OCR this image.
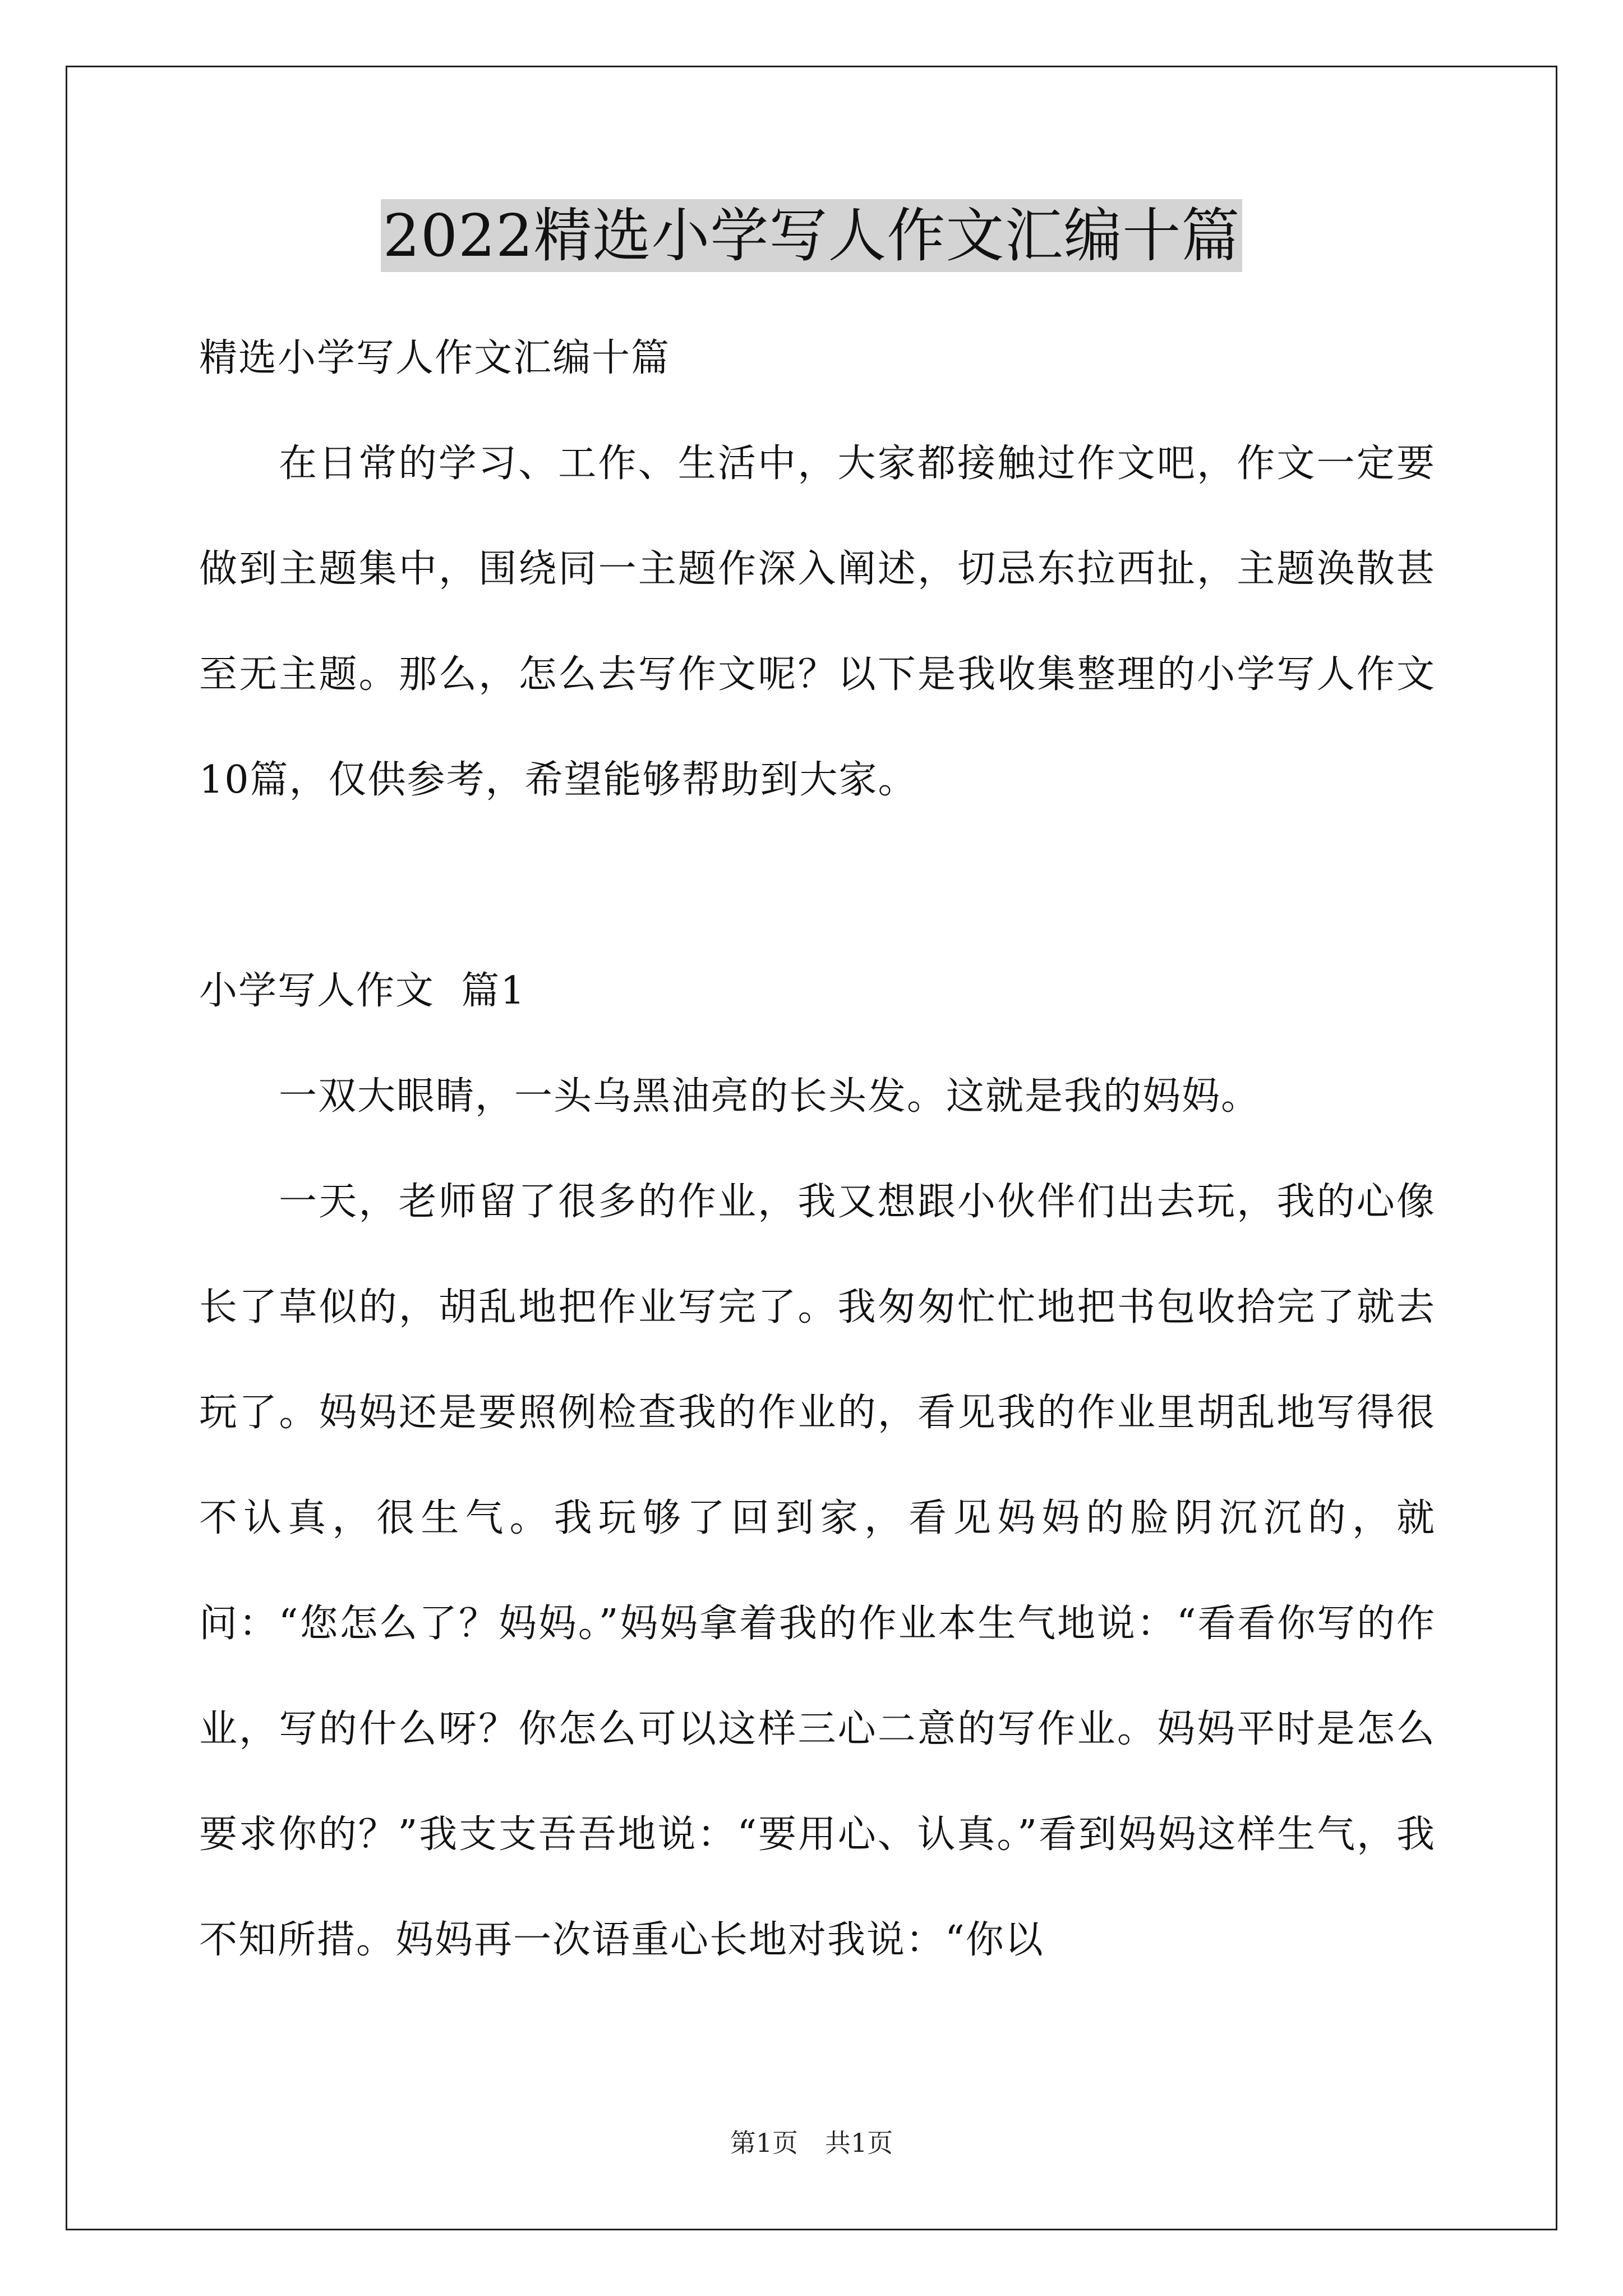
2022精选小学写人作文汇编十篇

精选小学写人作文汇编十篇

在日常的学习、工作、生活中，大家都接触过作文吧，作文一定要做到主题集中，围绕同一主题作深入阐述，切忌东拉西扯，主题涣散甚至无主题。那么，怎么去写作文呢？以下是我收集整理的小学写人作文10篇，仅供参考，希望能够帮助到大家。

小学写人作文  篇1

一双大眼睛，一头乌黑油亮的长头发。这就是我的妈妈。

一天，老师留了很多的作业，我又想跟小伙伴们出去玩，我的心像长了草似的，胡乱地把作业写完了。我匆匆忙忙地把书包收拾完了就去玩了。妈妈还是要照例检查我的作业的，看见我的作业里胡乱地写得很不认真，很生气。我玩够了回到家，看见妈妈的脸阴沉沉的，就问：“您怎么了？妈妈。”妈妈拿着我的作业本生气地说：“看看你写的作业，写的什么呀？你怎么可以这样三心二意的写作业。妈妈平时是怎么要求你的？”我支支吾吾地说：“要用心、认真。”看到妈妈这样生气，我不知所措。妈妈再一次语重心长地对我说：“你以

第1页 共1页
